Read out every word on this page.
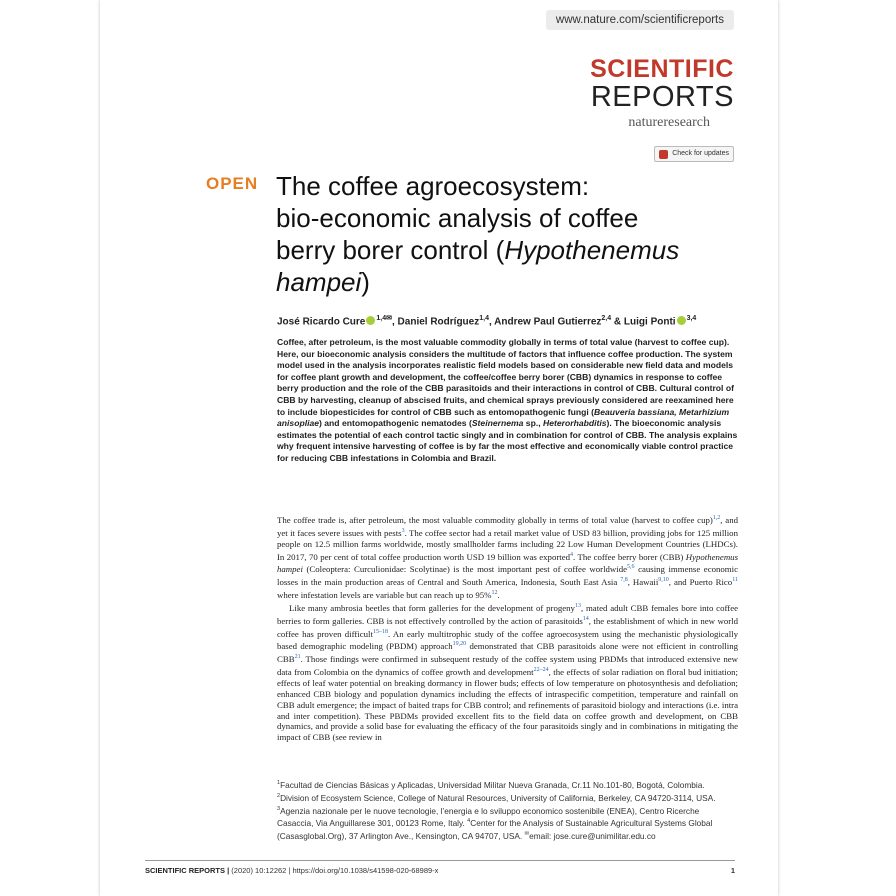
www.nature.com/scientificreports
SCIENTIFIC
REPORTS
natureresearch
Check for updates
OPEN The coffee agroecosystem:
bio-economic analysis of coffee
berry borer control (Hypothenemus
hampei)
José Ricardo Cure $^{1,4✉}$, Daniel Rodríguez$^{1,4}$, Andrew Paul Gutierrez$^{2,4}$ & Luigi Ponti $^{3,4}$
Coffee, after petroleum, is the most valuable commodity globally in terms of total value (harvest to coffee cup). Here, our bioeconomic analysis considers the multitude of factors that influence coffee production. The system model used in the analysis incorporates realistic field models based on considerable new field data and models for coffee plant growth and development, the coffee/coffee berry borer (CBB) dynamics in response to coffee berry production and the role of the CBB parasitoids and their interactions in control of CBB. Cultural control of CBB by harvesting, cleanup of abscised fruits, and chemical sprays previously considered are reexamined here to include biopesticides for control of CBB such as entomopathogenic fungi (Beauveria bassiana, Metarhizium anisopliae) and entomopathogenic nematodes (Steinernema sp., Heterorhabditis). The bioeconomic analysis estimates the potential of each control tactic singly and in combination for control of CBB. The analysis explains why frequent intensive harvesting of coffee is by far the most effective and economically viable control practice for reducing CBB infestations in Colombia and Brazil.

The coffee trade is, after petroleum, the most valuable commodity globally in terms of total value (harvest to coffee cup)$^{1,2}$, and yet it faces severe issues with pests$^3$. The coffee sector had a retail market value of USD 83 billion, providing jobs for 125 million people on 12.5 million farms worldwide, mostly smallholder farms including 22 Low Human Development Countries (LHDCs). In 2017, 70 per cent of total coffee production worth USD 19 billion was exported$^4$. The coffee berry borer (CBB) Hypothenemus hampei (Coleoptera: Curculionidae: Scolytinae) is the most important pest of coffee worldwide$^{5,6}$ causing immense economic losses in the main production areas of Central and South America, Indonesia, South East Asia $^{7,8}$, Hawaii$^{9,10}$, and Puerto Rico$^{11}$ where infestation levels are variable but can reach up to 95%$^{12}$.

Like many ambrosia beetles that form galleries for the development of progeny$^{13}$, mated adult CBB females bore into coffee berries to form galleries. CBB is not effectively controlled by the action of parasitoids$^{14}$, the establishment of which in new world coffee has proven difficult$^{15-18}$. An early multitrophic study of the coffee agroecosystem using the mechanistic physiologically based demographic modeling (PBDM) approach$^{19,20}$ demonstrated that CBB parasitoids alone were not efficient in controlling CBB$^{21}$. Those findings were confirmed in subsequent restudy of the coffee system using PBDMs that introduced extensive new data from Colombia on the dynamics of coffee growth and development$^{22-24}$, the effects of solar radiation on floral bud initiation; effects of leaf water potential on breaking dormancy in flower buds; effects of low temperature on photosynthesis and defoliation; enhanced CBB biology and population dynamics including the effects of intraspecific competition, temperature and rainfall on CBB adult emergence; the impact of baited traps for CBB control; and refinements of parasitoid biology and interactions (i.e. intra and inter competition). These PBDMs provided excellent fits to the field data on coffee growth and development, on CBB dynamics, and provide a solid base for evaluating the efficacy of the four parasitoids singly and in combinations in mitigating the impact of CBB (see review in

$^1$Facultad de Ciencias Básicas y Aplicadas, Universidad Militar Nueva Granada, Cr.11 No.101-80, Bogotá, Colombia. $^2$Division of Ecosystem Science, College of Natural Resources, University of California, Berkeley, CA 94720-3114, USA. $^3$Agenzia nazionale per le nuove tecnologie, l’energia e lo sviluppo economico sostenibile (ENEA), Centro Ricerche Casaccia, Via Anguillarese 301, 00123 Rome, Italy. $^4$Center for the Analysis of Sustainable Agricultural Systems Global (Casasglobal.Org), 37 Arlington Ave., Kensington, CA 94707, USA. ✉email: jose.cure@unimilitar.edu.co
SCIENTIFIC REPORTS | (2020) 10:12262 | https://doi.org/10.1038/s41598-020-68989-x	1
